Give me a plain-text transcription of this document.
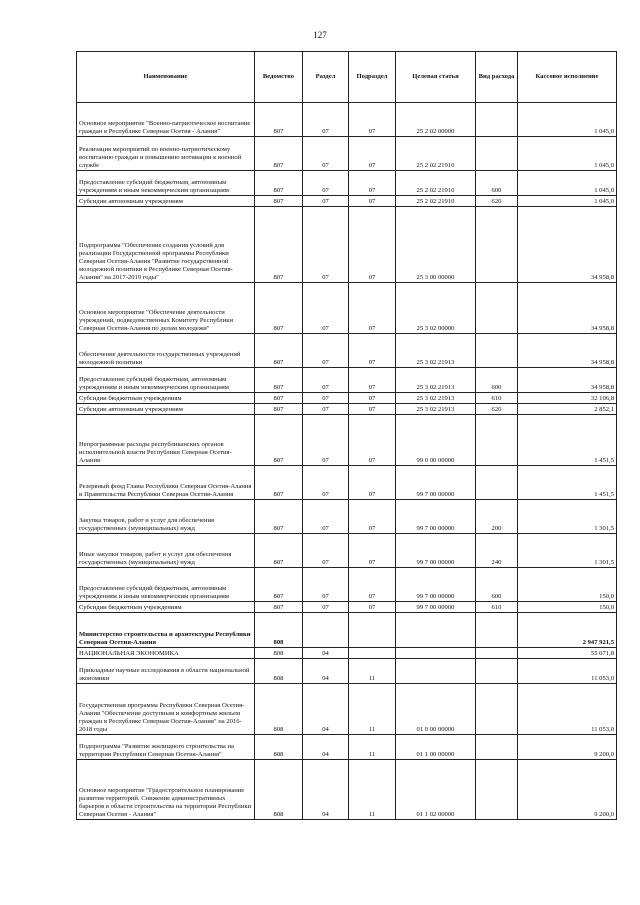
127
Наименование	Ведомство	Раздел	Подраздел	Целевая статья	Вид расхода	Кассовое исполнение
Основное мероприятие "Военно-патриотическое воспитание граждан в Республике Северная Осетия - Алания"	807	07	07	25 2 02 00000		1 045,0
Реализация мероприятий по военно-патриотическому воспитанию граждан и повышению мотивации к военной службе	807	07	07	25 2 02 21910		1 045,0
Предоставление субсидий бюджетным, автономным учреждениям и иным некоммерческим организациям	807	07	07	25 2 02 21910	600	1 045,0
Субсидии автономным учреждениям	807	07	07	25 2 02 21910	620	1 045,0
Подпрограмма "Обеспечение создания условий для реализации Государственной программы Республики Северная Осетия-Алания "Развитие государственной молодежной политики в Республике Северная Осетия-Алания" на 2017-2019 годы"	807	07	07	25 3 00 00000		34 958,8
Основное мероприятие "Обеспечение деятельности учреждений, подведомственных Комитету Республики Северная Осетия-Алания по делам молодежи"	807	07	07	25 3 02 00000		34 958,8
Обеспечение деятельности государственных учреждений молодежной политики	807	07	07	25 3 02 21913		34 958,8
Предоставление субсидий бюджетным, автономным учреждениям и иным некоммерческим организациям	807	07	07	25 3 02 21913	600	34 958,8
Субсидии бюджетным учреждениям	807	07	07	25 3 02 21913	610	32 106,8
Субсидии автономным учреждениям	807	07	07	25 3 02 21913	620	2 852,1
Непрограммные расходы республиканских органов исполнительной власти Республики Северная Осетия-Алания	807	07	07	99 0 00 00000		1 451,5
Резервный фонд Главы Республики Северная Осетия-Алания и Правительства Республики Северная Осетия-Алания	807	07	07	99 7 00 00000		1 451,5
Закупка товаров, работ и услуг для обеспечения государственных (муниципальных) нужд	807	07	07	99 7 00 00000	200	1 301,5
Иные закупки товаров, работ и услуг для обеспечения государственных (муниципальных) нужд	807	07	07	99 7 00 00000	240	1 301,5
Предоставление субсидий бюджетным, автономным учреждениям и иным некоммерческим организациям	807	07	07	99 7 00 00000	600	150,0
Субсидии бюджетным учреждениям	807	07	07	99 7 00 00000	610	150,0
Министерство строительства и архитектуры Республики Северная Осетия-Алания	808					2 947 921,5
НАЦИОНАЛЬНАЯ ЭКОНОМИКА	808	04				55 071,8
Прикладные научные исследования в области национальной экономики	808	04	11			11 053,0
Государственная программа Республики Северная Осетия-Алания "Обеспечение доступным и комфортным жильем граждан в Республике Северная Осетия-Алания" на 2016-2018 годы	808	04	11	01 0 00 00000		11 053,0
Подпрограмма "Развитие жилищного строительства на территории Республики Северная Осетия-Алания"	808	04	11	01 1 00 00000		9 200,0
Основное мероприятие "Градостроительное планирование развития территорий. Снижение административных барьеров в области строительства на территории Республики Северная Осетия - Алания"	808	04	11	01 1 02 00000		9 200,0
